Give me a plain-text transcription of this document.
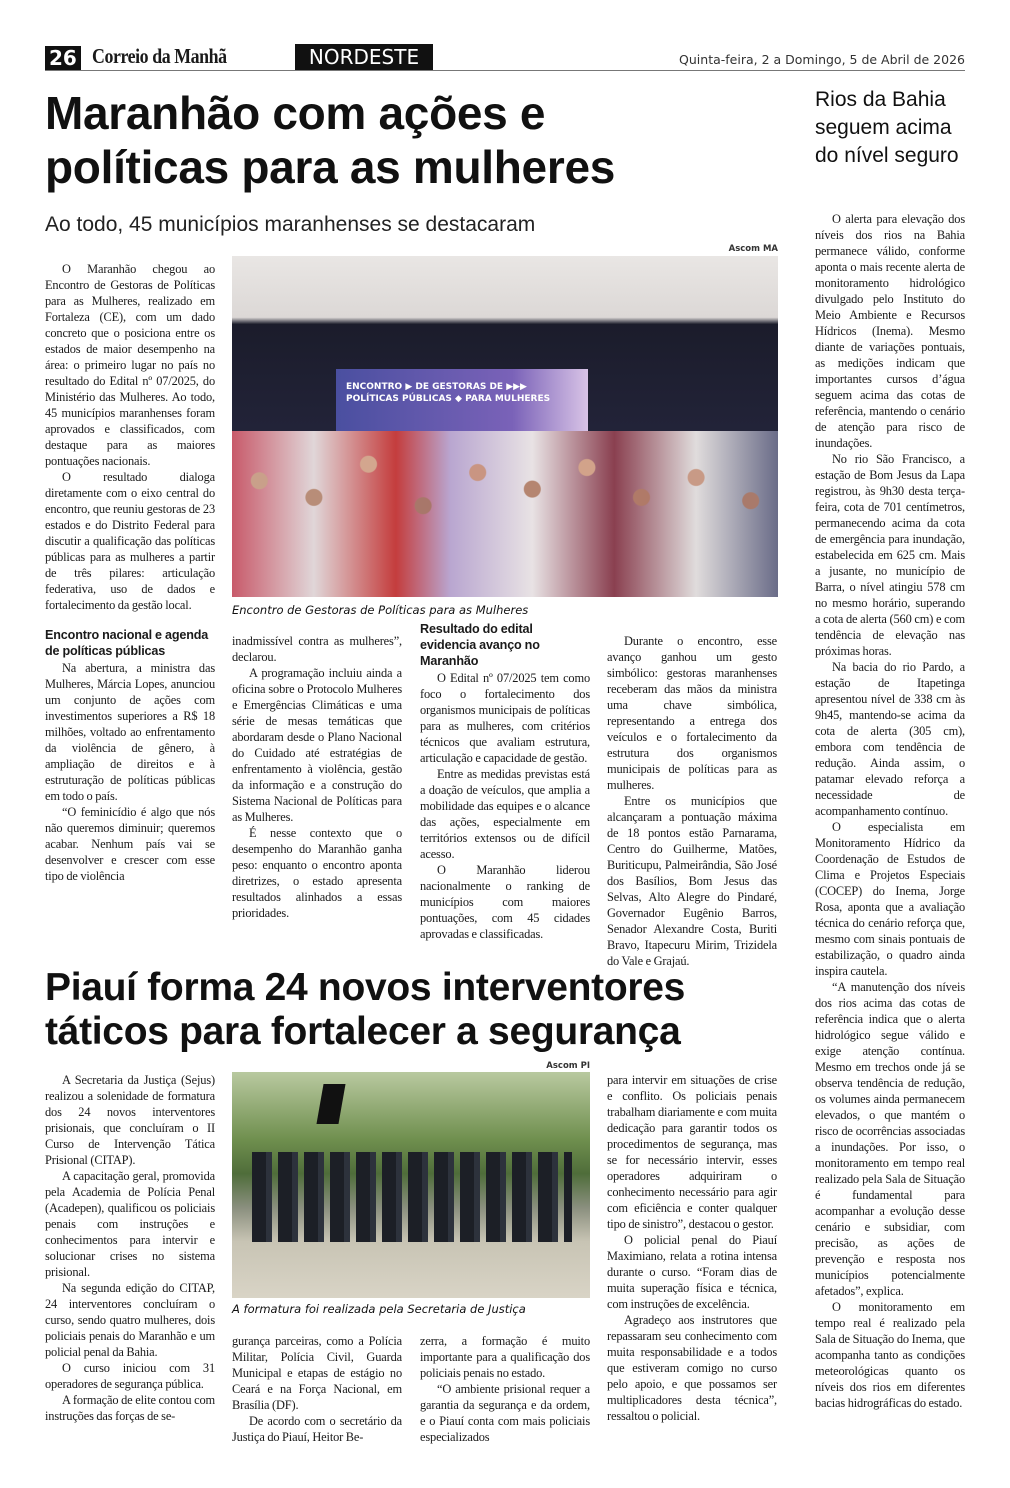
26 Correio da Manhã	NORDESTE	Quinta-feira, 2 a Domingo, 5 de Abril de 2026
Maranhão com ações e
políticas para as mulheres
Ao todo, 45 municípios maranhenses se destacaram
Ascom MA
ENCONTRO ▶ DE GESTORAS DE ▶▶▶ POLÍTICAS PÚBLICAS ◆ PARA MULHERES
Encontro de Gestoras de Políticas para as Mulheres

O Maranhão chegou ao Encontro de Gestoras de Políticas para as Mulheres, realizado em Fortaleza (CE), com um dado concreto que o posiciona entre os estados de maior desempenho na área: o primeiro lugar no país no resultado do Edital nº 07/2025, do Ministério das Mulheres. Ao todo, 45 municípios maranhenses foram aprovados e classificados, com destaque para as maiores pontuações nacionais.

O resultado dialoga diretamente com o eixo central do encontro, que reuniu gestoras de 23 estados e do Distrito Federal para discutir a qualificação das políticas públicas para as mulheres a partir de três pilares: articulação federativa, uso de dados e fortalecimento da gestão local.

Encontro nacional e agenda de políticas públicas

Na abertura, a ministra das Mulheres, Márcia Lopes, anunciou um conjunto de ações com investimentos superiores a R$ 18 milhões, voltado ao enfrentamento da violência de gênero, à ampliação de direitos e à estruturação de políticas públicas em todo o país.

“O feminicídio é algo que nós não queremos diminuir; queremos acabar. Nenhum país vai se desenvolver e crescer com esse tipo de violência

inadmissível contra as mulheres”, declarou.

A programação incluiu ainda a oficina sobre o Protocolo Mulheres e Emergências Climáticas e uma série de mesas temáticas que abordaram desde o Plano Nacional do Cuidado até estratégias de enfrentamento à violência, gestão da informação e a construção do Sistema Nacional de Políticas para as Mulheres.

É nesse contexto que o desempenho do Maranhão ganha peso: enquanto o encontro aponta diretrizes, o estado apresenta resultados alinhados a essas prioridades.

Resultado do edital evidencia avanço no Maranhão

O Edital nº 07/2025 tem como foco o fortalecimento dos organismos municipais de políticas para as mulheres, com critérios técnicos que avaliam estrutura, articulação e capacidade de gestão.

Entre as medidas previstas está a doação de veículos, que amplia a mobilidade das equipes e o alcance das ações, especialmente em territórios extensos ou de difícil acesso.

O Maranhão liderou nacionalmente o ranking de municípios com maiores pontuações, com 45 cidades aprovadas e classificadas.

Durante o encontro, esse avanço ganhou um gesto simbólico: gestoras maranhenses receberam das mãos da ministra uma chave simbólica, representando a entrega dos veículos e o fortalecimento da estrutura dos organismos municipais de políticas para as mulheres.

Entre os municípios que alcançaram a pontuação máxima de 18 pontos estão Parnarama, Centro do Guilherme, Matões, Buriticupu, Palmeirândia, São José dos Basílios, Bom Jesus das Selvas, Alto Alegre do Pindaré, Governador Eugênio Barros, Senador Alexandre Costa, Buriti Bravo, Itapecuru Mirim, Trizidela do Vale e Grajaú.

Rios da Bahia seguem acima do nível seguro

O alerta para elevação dos níveis dos rios na Bahia permanece válido, conforme aponta o mais recente alerta de monitoramento hidrológico divulgado pelo Instituto do Meio Ambiente e Recursos Hídricos (Inema). Mesmo diante de variações pontuais, as medições indicam que importantes cursos d’água seguem acima das cotas de referência, mantendo o cenário de atenção para risco de inundações.

No rio São Francisco, a estação de Bom Jesus da Lapa registrou, às 9h30 desta terça-feira, cota de 701 centímetros, permanecendo acima da cota de emergência para inundação, estabelecida em 625 cm. Mais a jusante, no município de Barra, o nível atingiu 578 cm no mesmo horário, superando a cota de alerta (560 cm) e com tendência de elevação nas próximas horas.

Na bacia do rio Pardo, a estação de Itapetinga apresentou nível de 338 cm às 9h45, mantendo-se acima da cota de alerta (305 cm), embora com tendência de redução. Ainda assim, o patamar elevado reforça a necessidade de acompanhamento contínuo.

O especialista em Monitoramento Hídrico da Coordenação de Estudos de Clima e Projetos Especiais (COCEP) do Inema, Jorge Rosa, aponta que a avaliação técnica do cenário reforça que, mesmo com sinais pontuais de estabilização, o quadro ainda inspira cautela.

“A manutenção dos níveis dos rios acima das cotas de referência indica que o alerta hidrológico segue válido e exige atenção contínua. Mesmo em trechos onde já se observa tendência de redução, os volumes ainda permanecem elevados, o que mantém o risco de ocorrências associadas a inundações. Por isso, o monitoramento em tempo real realizado pela Sala de Situação é fundamental para acompanhar a evolução desse cenário e subsidiar, com precisão, as ações de prevenção e resposta nos municípios potencialmente afetados”, explica.

O monitoramento em tempo real é realizado pela Sala de Situação do Inema, que acompanha tanto as condições meteorológicas quanto os níveis dos rios em diferentes bacias hidrográficas do estado.

Piauí forma 24 novos interventores
táticos para fortalecer a segurança
Ascom PI
A formatura foi realizada pela Secretaria de Justiça

A Secretaria da Justiça (Sejus) realizou a solenidade de formatura dos 24 novos interventores prisionais, que concluíram o II Curso de Intervenção Tática Prisional (CITAP).

A capacitação geral, promovida pela Academia de Polícia Penal (Acadepen), qualificou os policiais penais com instruções e conhecimentos para intervir e solucionar crises no sistema prisional.

Na segunda edição do CITAP, 24 interventores concluíram o curso, sendo quatro mulheres, dois policiais penais do Maranhão e um policial penal da Bahia.

O curso iniciou com 31 operadores de segurança pública.

A formação de elite contou com instruções das forças de se-

gurança parceiras, como a Polícia Militar, Polícia Civil, Guarda Municipal e etapas de estágio no Ceará e na Força Nacional, em Brasília (DF).

De acordo com o secretário da Justiça do Piauí, Heitor Be-

zerra, a formação é muito importante para a qualificação dos policiais penais no estado.

“O ambiente prisional requer a garantia da segurança e da ordem, e o Piauí conta com mais policiais especializados

para intervir em situações de crise e conflito. Os policiais penais trabalham diariamente e com muita dedicação para garantir todos os procedimentos de segurança, mas se for necessário intervir, esses operadores adquiriram o conhecimento necessário para agir com eficiência e conter qualquer tipo de sinistro”, destacou o gestor.

O policial penal do Piauí Maximiano, relata a rotina intensa durante o curso. “Foram dias de muita superação física e técnica, com instruções de excelência.

Agradeço aos instrutores que repassaram seu conhecimento com muita responsabilidade e a todos que estiveram comigo no curso pelo apoio, e que possamos ser multiplicadores desta técnica”, ressaltou o policial.
